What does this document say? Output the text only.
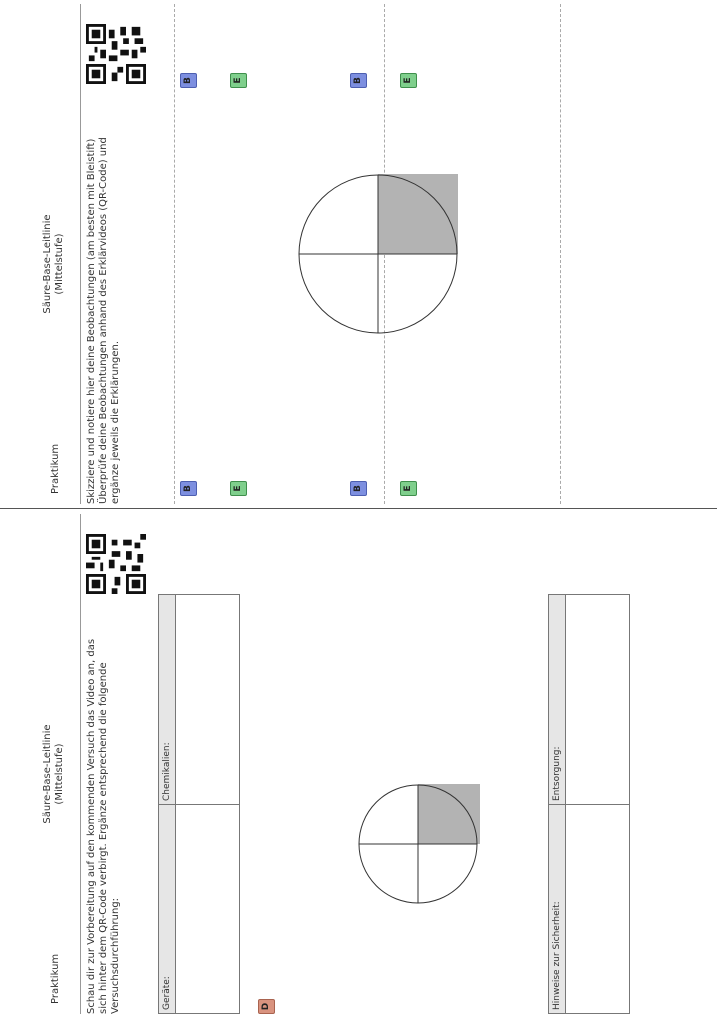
Praktikum
Säure-Base-Leitlinie (Mittelstufe) Skizziere und notiere hier deine Beobachtungen (am besten mit Bleistift) Überprüfe deine Beobachtungen anhand des Erklärvideos (QR-Code) und ergänze jeweils die Erklärungen.	B	E	B	E
B	E	B	E
Praktikum
Säure-Base-Leitlinie (Mittelstufe) Schau dir zur Vorbereitung auf den kommenden Versuch das Video an, das sich hinter dem QR-Code verbirgt. Ergänze entsprechend die folgende Versuchsdurchführung:	Geräte:
Chemikalien:
D	Hinweise zur Sicherheit:
Entsorgung:
